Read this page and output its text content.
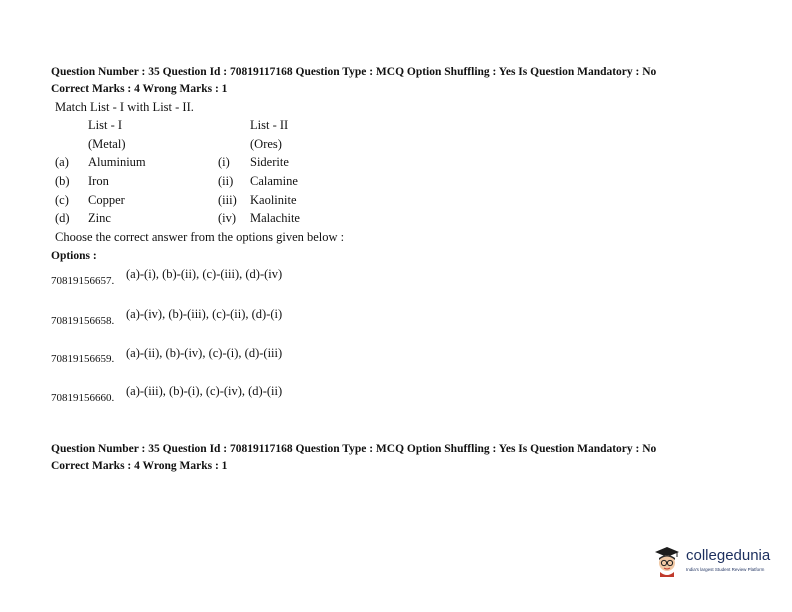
Question Number : 35 Question Id : 70819117168 Question Type : MCQ Option Shuffling : Yes Is Question Mandatory : No
Correct Marks : 4 Wrong Marks : 1
Match List - I with List - II.
List - I	List - II
(Metal)	(Ores)
(a) Aluminium	(i) Siderite
(b) Iron	(ii) Calamine
(c) Copper	(iii) Kaolinite
(d) Zinc	(iv) Malachite
Choose the correct answer from the options given below :
Options :
70819156657. (a)-(i), (b)-(ii), (c)-(iii), (d)-(iv)
70819156658. (a)-(iv), (b)-(iii), (c)-(ii), (d)-(i)
70819156659. (a)-(ii), (b)-(iv), (c)-(i), (d)-(iii)
70819156660. (a)-(iii), (b)-(i), (c)-(iv), (d)-(ii)
Question Number : 35 Question Id : 70819117168 Question Type : MCQ Option Shuffling : Yes Is Question Mandatory : No
Correct Marks : 4 Wrong Marks : 1
collegedunia
India's largest Student Review Platform
